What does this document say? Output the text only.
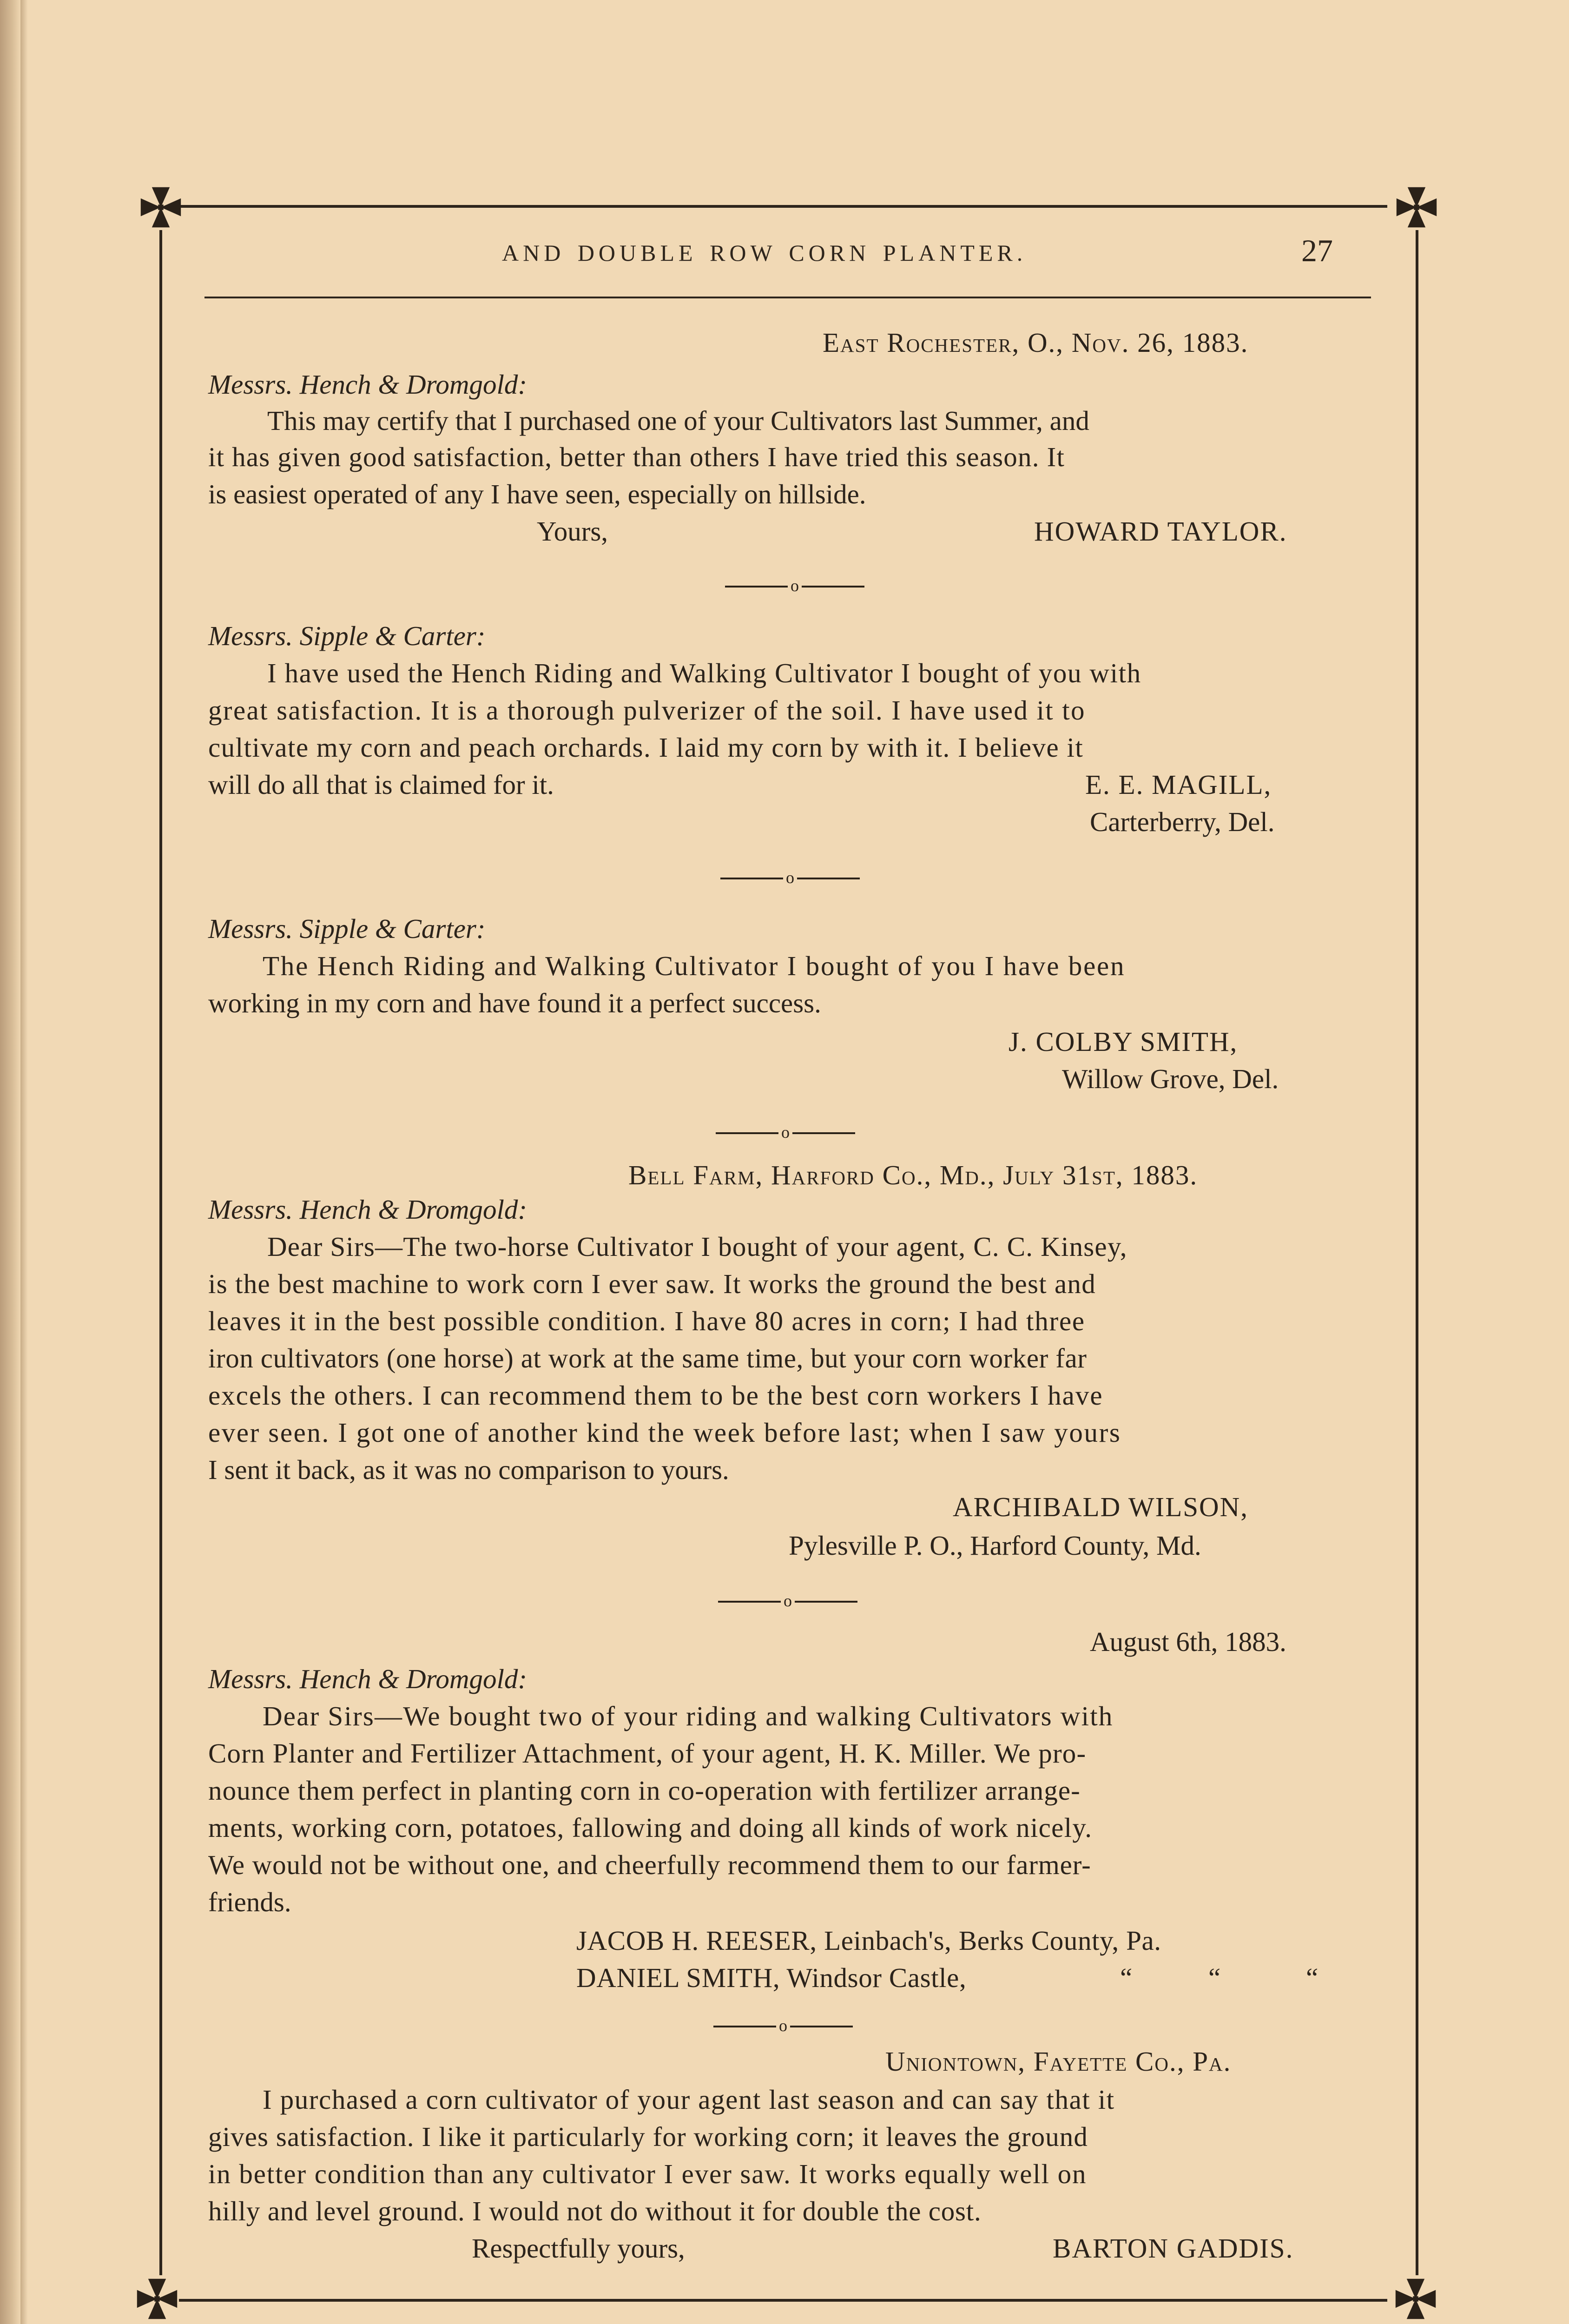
AND DOUBLE ROW CORN PLANTER.	27
East Rochester, O., Nov. 26, 1883.
Messrs. Hench & Dromgold:
This may certify that I purchased one of your Cultivators last Summer, and
it has given good satisfaction, better than others I have tried this season. It
is easiest operated of any I have seen, especially on hillside.
Yours,	HOWARD TAYLOR.
o
Messrs. Sipple & Carter:
I have used the Hench Riding and Walking Cultivator I bought of you with
great satisfaction. It is a thorough pulverizer of the soil. I have used it to
cultivate my corn and peach orchards. I laid my corn by with it. I believe it
will do all that is claimed for it.	E. E. MAGILL,
Carterberry, Del.
o
Messrs. Sipple & Carter:
The Hench Riding and Walking Cultivator I bought of you I have been
working in my corn and have found it a perfect success.
J. COLBY SMITH,
Willow Grove, Del.
o
Bell Farm, Harford Co., Md., July 31st, 1883.
Messrs. Hench & Dromgold:
Dear Sirs—The two-horse Cultivator I bought of your agent, C. C. Kinsey,
is the best machine to work corn I ever saw. It works the ground the best and
leaves it in the best possible condition. I have 80 acres in corn; I had three
iron cultivators (one horse) at work at the same time, but your corn worker far
excels the others. I can recommend them to be the best corn workers I have
ever seen. I got one of another kind the week before last; when I saw yours
I sent it back, as it was no comparison to yours.
ARCHIBALD WILSON,
Pylesville P. O., Harford County, Md.
o
August 6th, 1883.
Messrs. Hench & Dromgold:
Dear Sirs—We bought two of your riding and walking Cultivators with
Corn Planter and Fertilizer Attachment, of your agent, H. K. Miller. We pro-
nounce them perfect in planting corn in co-operation with fertilizer arrange-
ments, working corn, potatoes, fallowing and doing all kinds of work nicely.
We would not be without one, and cheerfully recommend them to our farmer-
friends.
JACOB H. REESER, Leinbach's, Berks County, Pa.
DANIEL SMITH, Windsor Castle,	“	“	“
o
Uniontown, Fayette Co., Pa.
I purchased a corn cultivator of your agent last season and can say that it
gives satisfaction. I like it particularly for working corn; it leaves the ground
in better condition than any cultivator I ever saw. It works equally well on
hilly and level ground. I would not do without it for double the cost.
Respectfully yours,	BARTON GADDIS.
